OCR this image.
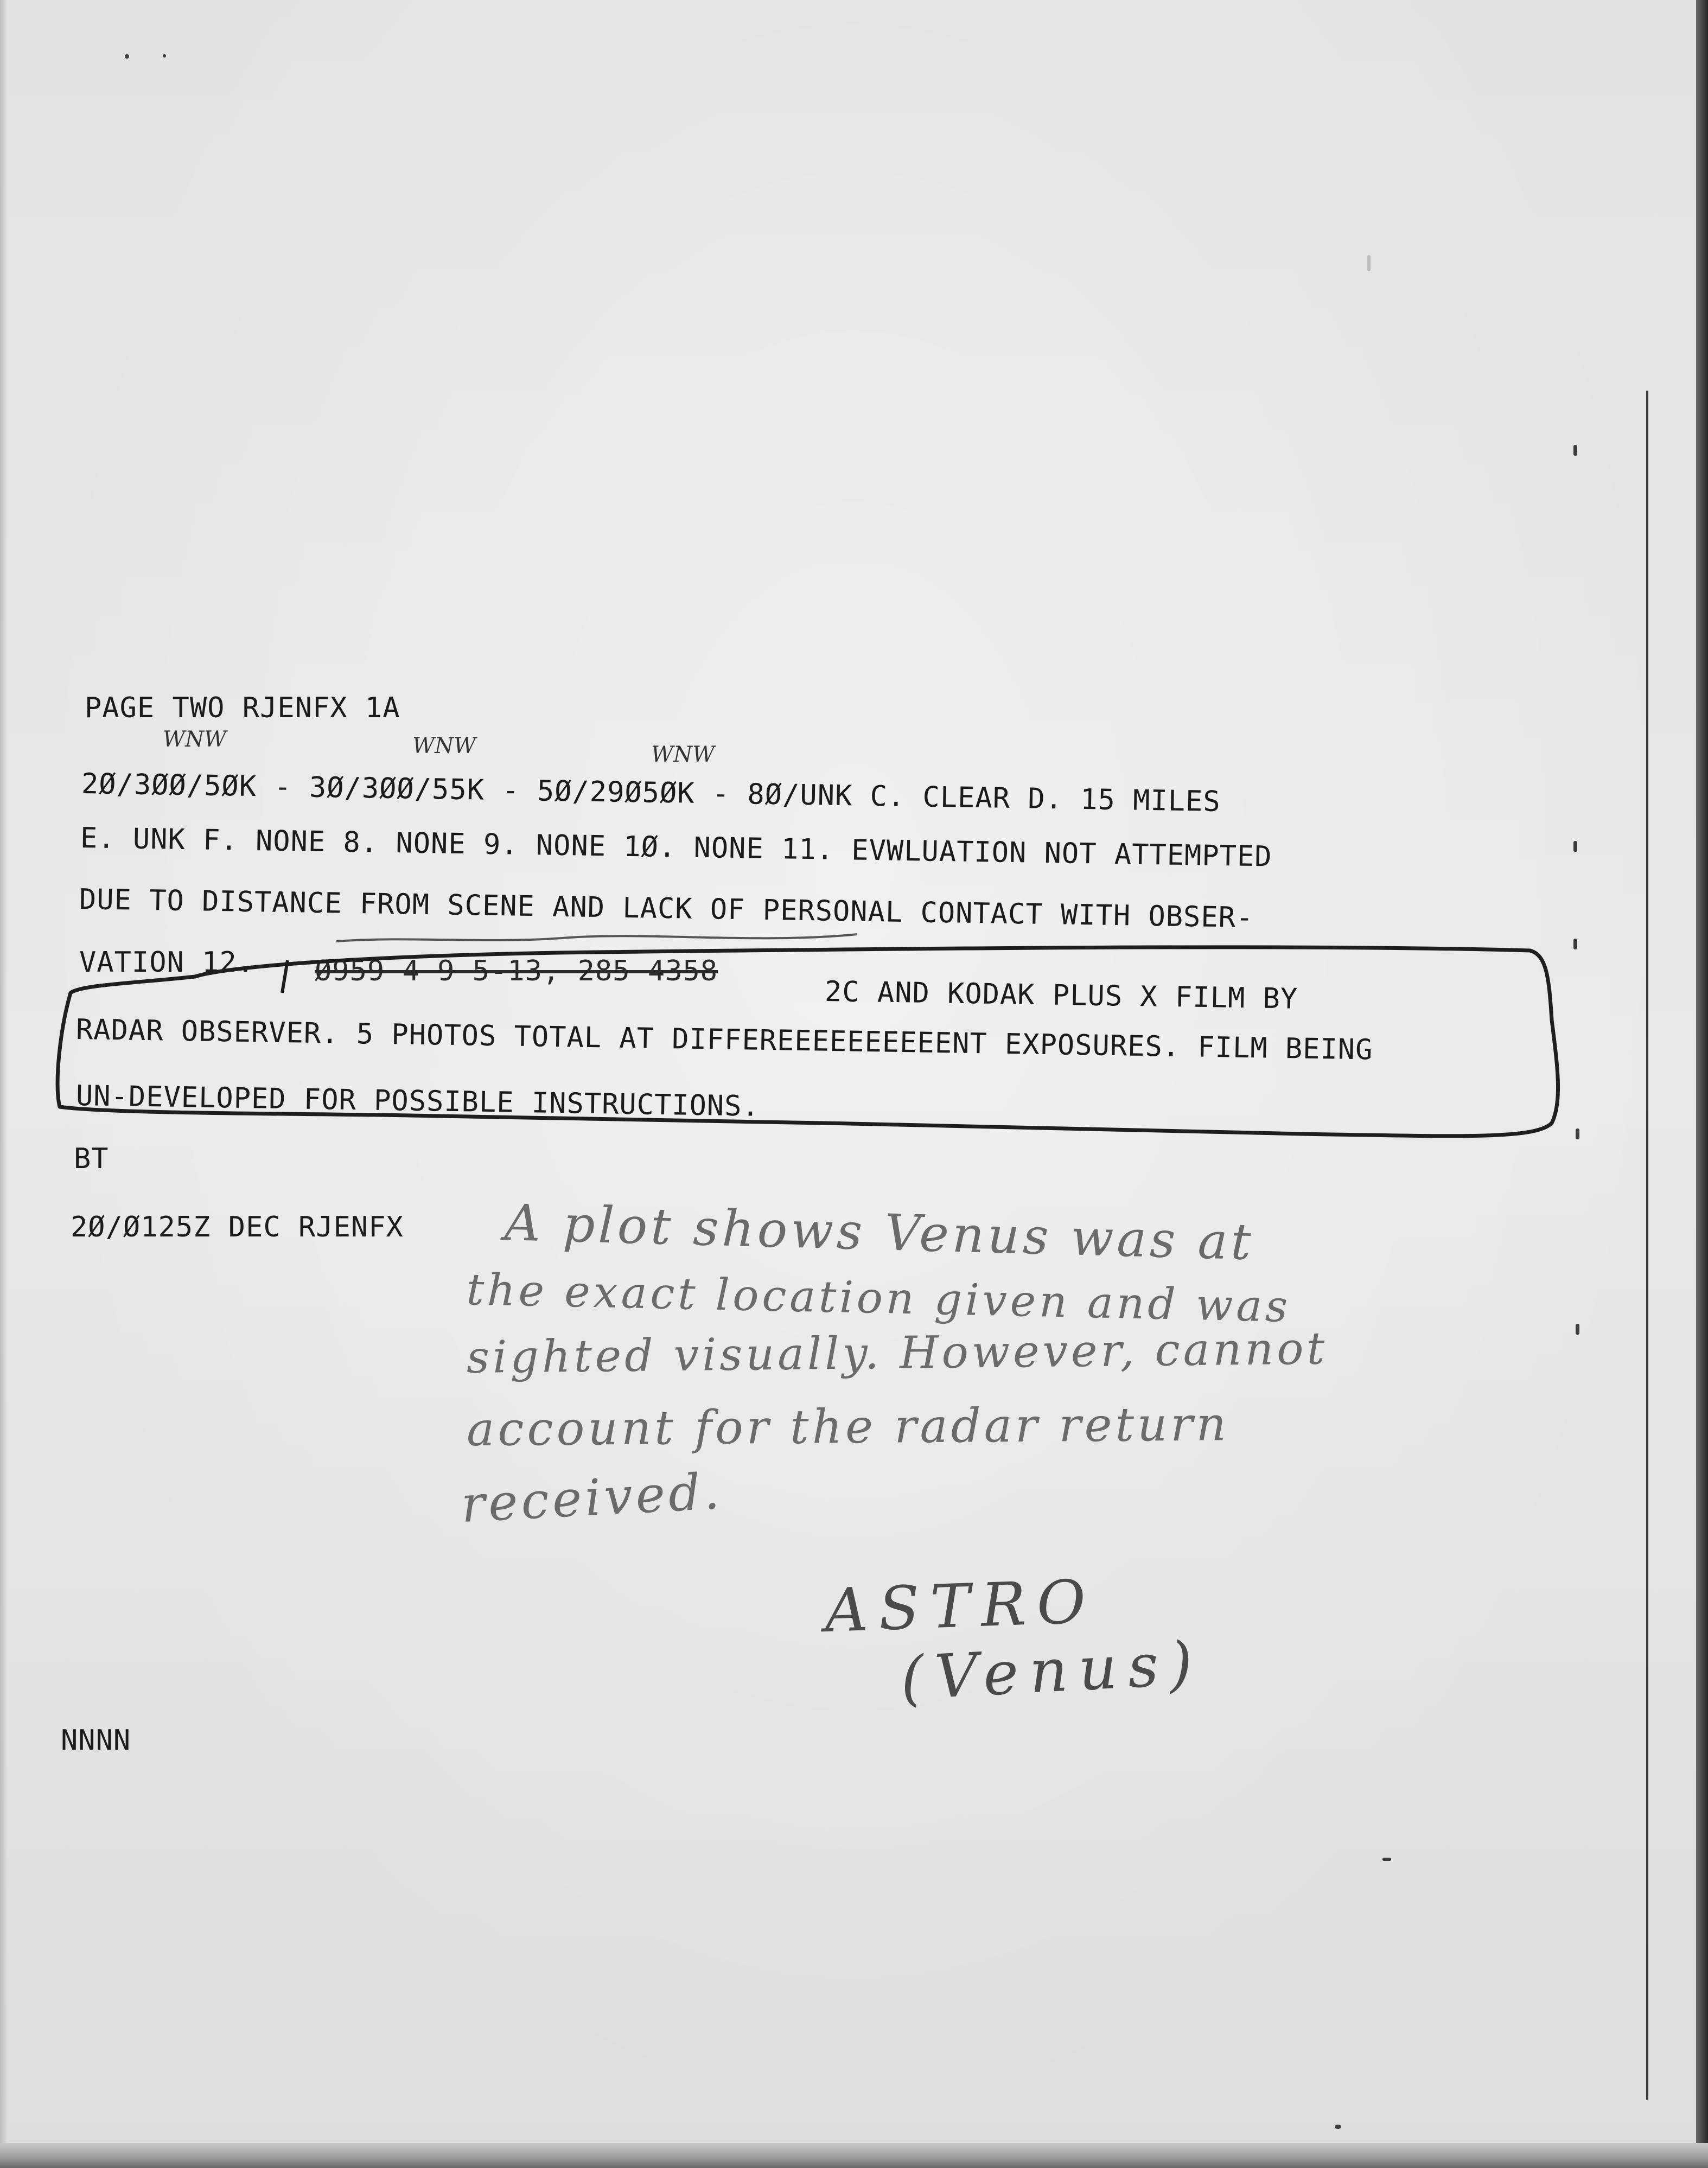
WNW	WNW	WNW
PAGE TWO RJENFX 1A
2Ø/3ØØ/5ØK - 3Ø/3ØØ/55K - 5Ø/29Ø5ØK - 8Ø/UNK C. CLEAR D. 15 MILES
E. UNK F. NONE 8. NONE 9. NONE 1Ø. NONE 11. EVWLUATION NOT ATTEMPTED
DUE TO DISTANCE FROM SCENE AND LACK OF PERSONAL CONTACT WITH OBSER-
VATION 12. Ø959 4 9 5-13, 285 4358
2C AND KODAK PLUS X FILM BY
RADAR OBSERVER. 5 PHOTOS TOTAL AT DIFFEREEEEEEEEEENT EXPOSURES. FILM BEING
UN-DEVELOPED FOR POSSIBLE INSTRUCTIONS.
BT
2Ø/Ø125Z DEC RJENFX
NNNN
A plot shows Venus was at
the exact location given and was
sighted visually. However, cannot
account for the radar return
received.
ASTRO
(Venus)
